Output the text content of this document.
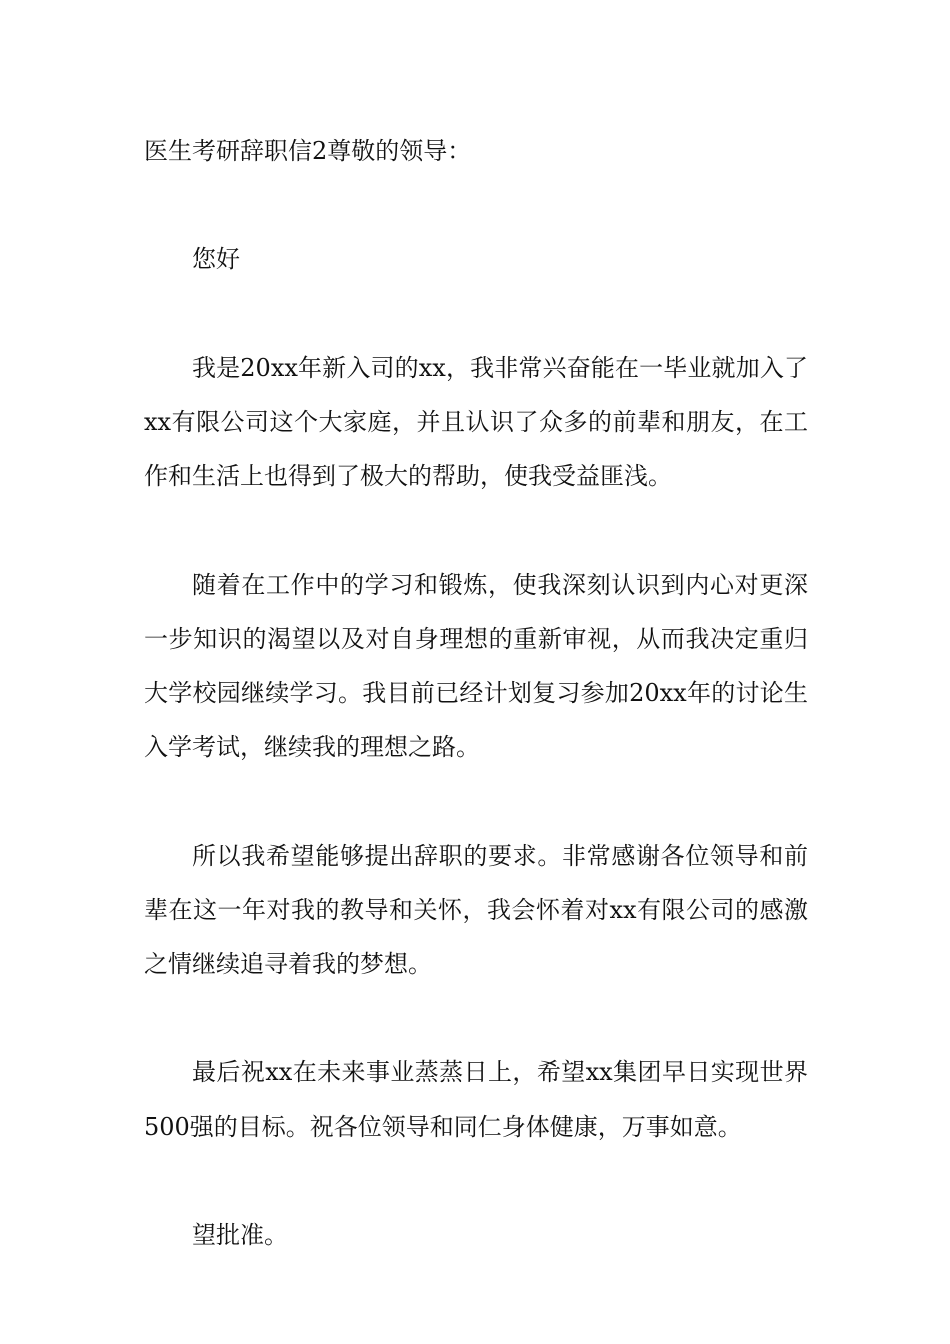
医生考研辞职信2尊敬的领导：

您好

我是20xx年新入司的xx，我非常兴奋能在一毕业就加入了xx有限公司这个大家庭，并且认识了众多的前辈和朋友，在工作和生活上也得到了极大的帮助，使我受益匪浅。

随着在工作中的学习和锻炼，使我深刻认识到内心对更深一步知识的渴望以及对自身理想的重新审视，从而我决定重归大学校园继续学习。我目前已经计划复习参加20xx年的讨论生入学考试，继续我的理想之路。

所以我希望能够提出辞职的要求。非常感谢各位领导和前辈在这一年对我的教导和关怀，我会怀着对xx有限公司的感激之情继续追寻着我的梦想。

最后祝xx在未来事业蒸蒸日上，希望xx集团早日实现世界500强的目标。祝各位领导和同仁身体健康，万事如意。

望批准。
